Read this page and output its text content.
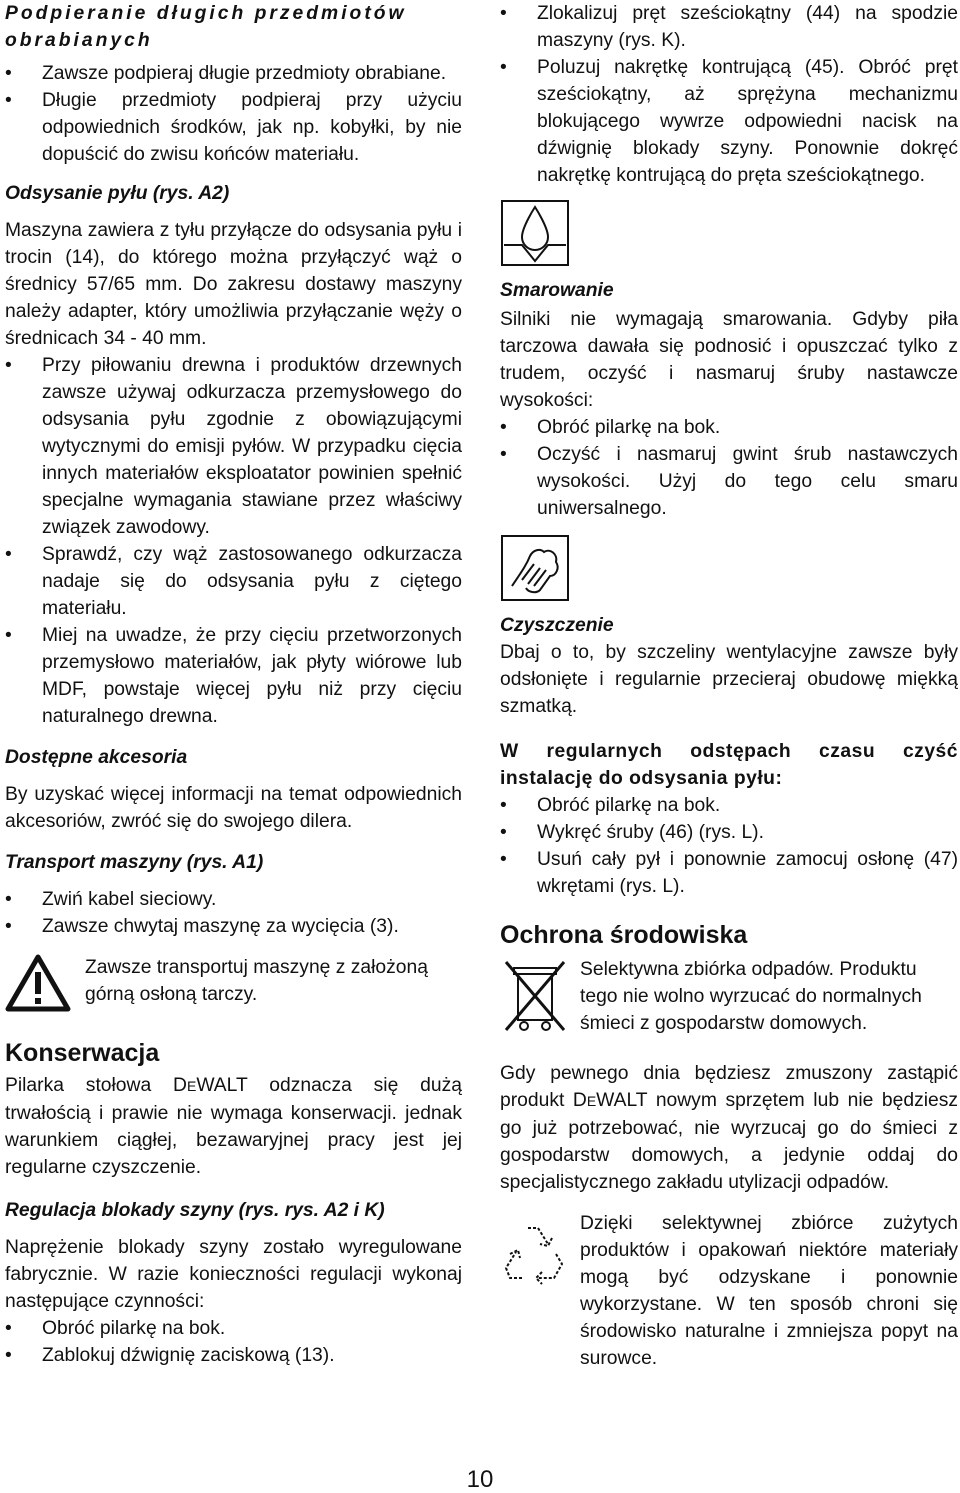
Podpieranie długich przedmiotów obrabianych
• Zawsze podpieraj długie przedmioty obrabiane.
• Długie przedmioty podpieraj przy użyciu odpowiednich środków, jak np. kobyłki, by nie dopuścić do zwisu końców materiału.
Odsysanie pyłu (rys. A2)

Maszyna zawiera z tyłu przyłącze do odsysania pyłu i trocin (14), do którego można przyłączyć wąż o średnicy 57/65 mm. Do zakresu dostawy maszyny należy adapter, który umożliwia przyłączanie węży o średnicach 34 - 40 mm.

• Przy piłowaniu drewna i produktów drzewnych zawsze używaj odkurzacza przemysłowego do odsysania pyłu zgodnie z obowiązującymi wytycznymi do emisji pyłów. W przypadku cięcia innych materiałów eksploatator powinien spełnić specjalne wymagania stawiane przez właściwy związek zawodowy.
• Sprawdź, czy wąż zastosowanego odkurzacza nadaje się do odsysania pyłu z ciętego materiału.
• Miej na uwadze, że przy cięciu przetworzonych przemysłowo materiałów, jak płyty wiórowe lub MDF, powstaje więcej pyłu niż przy cięciu naturalnego drewna.
Dostępne akcesoria

By uzyskać więcej informacji na temat odpowiednich akcesoriów, zwróć się do swojego dilera.

Transport maszyny (rys. A1)
• Zwiń kabel sieciowy.
• Zawsze chwytaj maszynę za wycięcia (3).
Zawsze transportuj maszynę z założoną górną osłoną tarczy.
Konserwacja

Pilarka stołowa DEWALT odznacza się dużą trwałością i prawie nie wymaga konserwacji. jednak warunkiem ciągłej, bezawaryjnej pracy jest jej regularne czyszczenie.

Regulacja blokady szyny (rys. rys. A2 i K)

Naprężenie blokady szyny zostało wyregulowane fabrycznie. W razie konieczności regulacji wykonaj następujące czynności:

• Obróć pilarkę na bok.
• Zablokuj dźwignię zaciskową (13).
• Zlokalizuj pręt sześciokątny (44) na spodzie maszyny (rys. K).
• Poluzuj nakrętkę kontrującą (45). Obróć pręt sześciokątny, aż sprężyna mechanizmu blokującego wywrze odpowiedni nacisk na dźwignię blokady szyny. Ponownie dokręć nakrętkę kontrującą do pręta sześciokątnego.
Smarowanie

Silniki nie wymagają smarowania. Gdyby piła tarczowa dawała się podnosić i opuszczać tylko z trudem, oczyść i nasmaruj śruby nastawcze wysokości:

• Obróć pilarkę na bok.
• Oczyść i nasmaruj gwint śrub nastawczych wysokości. Użyj do tego celu smaru uniwersalnego.
Czyszczenie

Dbaj o to, by szczeliny wentylacyjne zawsze były odsłonięte i regularnie przecieraj obudowę miękką szmatką.

W regularnych odstępach czasu czyść instalację do odsysania pyłu:
• Obróć pilarkę na bok.
• Wykręć śruby (46) (rys. L).
• Usuń cały pył i ponownie zamocuj osłonę (47) wkrętami (rys. L).
Ochrona środowiska
Selektywna zbiórka odpadów. Produktu tego nie wolno wyrzucać do normalnych śmieci z gospodarstw domowych.

Gdy pewnego dnia będziesz zmuszony zastąpić produkt DEWALT nowym sprzętem lub nie będziesz go już potrzebować, nie wyrzucaj go do śmieci z gospodarstw domowych, a jedynie oddaj do specjalistycznego zakładu utylizacji odpadów.

Dzięki selektywnej zbiórce zużytych produktów i opakowań niektóre materiały mogą być odzyskane i ponownie wykorzystane. W ten sposób chroni się środowisko naturalne i zmniejsza popyt na surowce.
10
